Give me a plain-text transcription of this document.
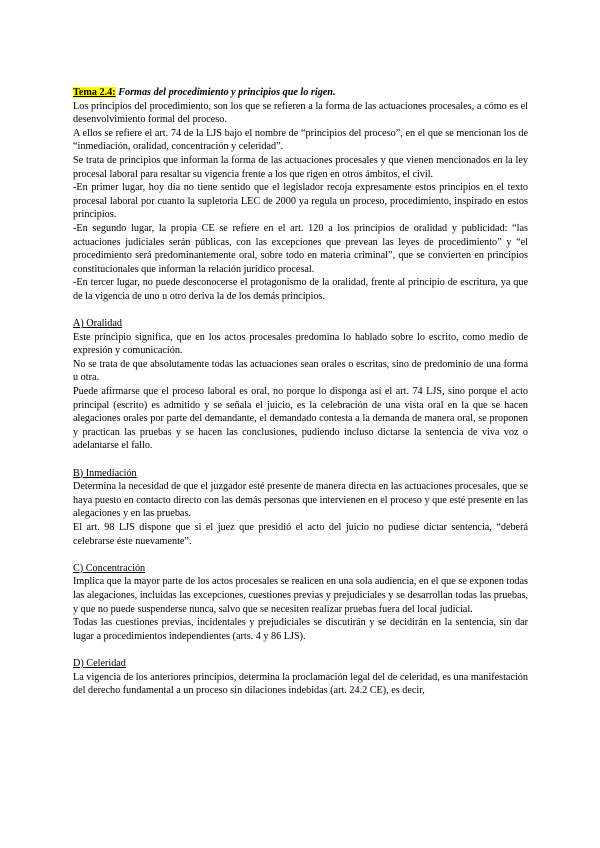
Tema 2.4: Formas del procedimiento y principios que lo rigen.

Los principios del procedimiento, son los que se refieren a la forma de las actuaciones procesales, a cómo es el desenvolvimiento formal del proceso.

A ellos se refiere el art. 74 de la LJS bajo el nombre de “principios del proceso”, en el que se mencionan los de “inmediación, oralidad, concentración y celeridad”.

Se trata de principios que informan la forma de las actuaciones procesales y que vienen mencionados en la ley procesal laboral para resaltar su vigencia frente a los que rigen en otros ámbitos, el civil.

-En primer lugar, hoy día no tiene sentido que el legislador recoja expresamente estos principios en el texto procesal laboral por cuanto la supletoria LEC de 2000 ya regula un proceso, procedimiento, inspirado en estos principios.

-En segundo lugar, la propia CE se refiere en el art. 120 a los principios de oralidad y publicidad: “las actuaciones judiciales serán públicas, con las excepciones que prevean las leyes de procedimiento” y “el procedimiento será predominantemente oral, sobre todo en materia criminal”, que se convierten en principios constitucionales que informan la relación jurídico procesal.

-En tercer lugar, no puede desconocerse el protagonismo de la oralidad, frente al principio de escritura, ya que de la vigencia de uno u otro deriva la de los demás principios.

A) Oralidad

Este principio significa, que en los actos procesales predomina lo hablado sobre lo escrito, como medio de expresión y comunicación.

No se trata de que absolutamente todas las actuaciones sean orales o escritas, sino de predominio de una forma u otra.

Puede afirmarse que el proceso laboral es oral, no porque lo disponga así el art. 74 LJS, sino porque el acto principal (escrito) es admitido y se señala el juicio, es la celebración de una vista oral en la que se hacen alegaciones orales por parte del demandante, el demandado contesta a la demanda de manera oral, se proponen y practican las pruebas y se hacen las conclusiones, pudiendo incluso dictarse la sentencia de viva voz o adelantarse el fallo.

B) Inmediación

Determina la necesidad de que el juzgador esté presente de manera directa en las actuaciones procesales, que se haya puesto en contacto directo con las demás personas que intervienen en el proceso y que esté presente en las alegaciones y en las pruebas.

El art. 98 LJS dispone que si el juez que presidió el acto del juicio no pudiese dictar sentencia, “deberá celebrarse éste nuevamente”.

C) Concentración

Implica que la mayor parte de los actos procesales se realicen en una sola audiencia, en el que se exponen todas las alegaciones, incluidas las excepciones, cuestiones previas y prejudiciales y se desarrollan todas las pruebas, y que no puede suspenderse nunca, salvo que se necesiten realizar pruebas fuera del local judicial.

Todas las cuestiones previas, incidentales y prejudiciales se discutirán y se decidirán en la sentencia, sin dar lugar a procedimientos independientes (arts. 4 y 86 LJS).

D) Celeridad

La vigencia de los anteriores principios, determina la proclamación legal del de celeridad, es una manifestación del derecho fundamental a un proceso sin dilaciones indebidas (art. 24.2 CE), es decir,
